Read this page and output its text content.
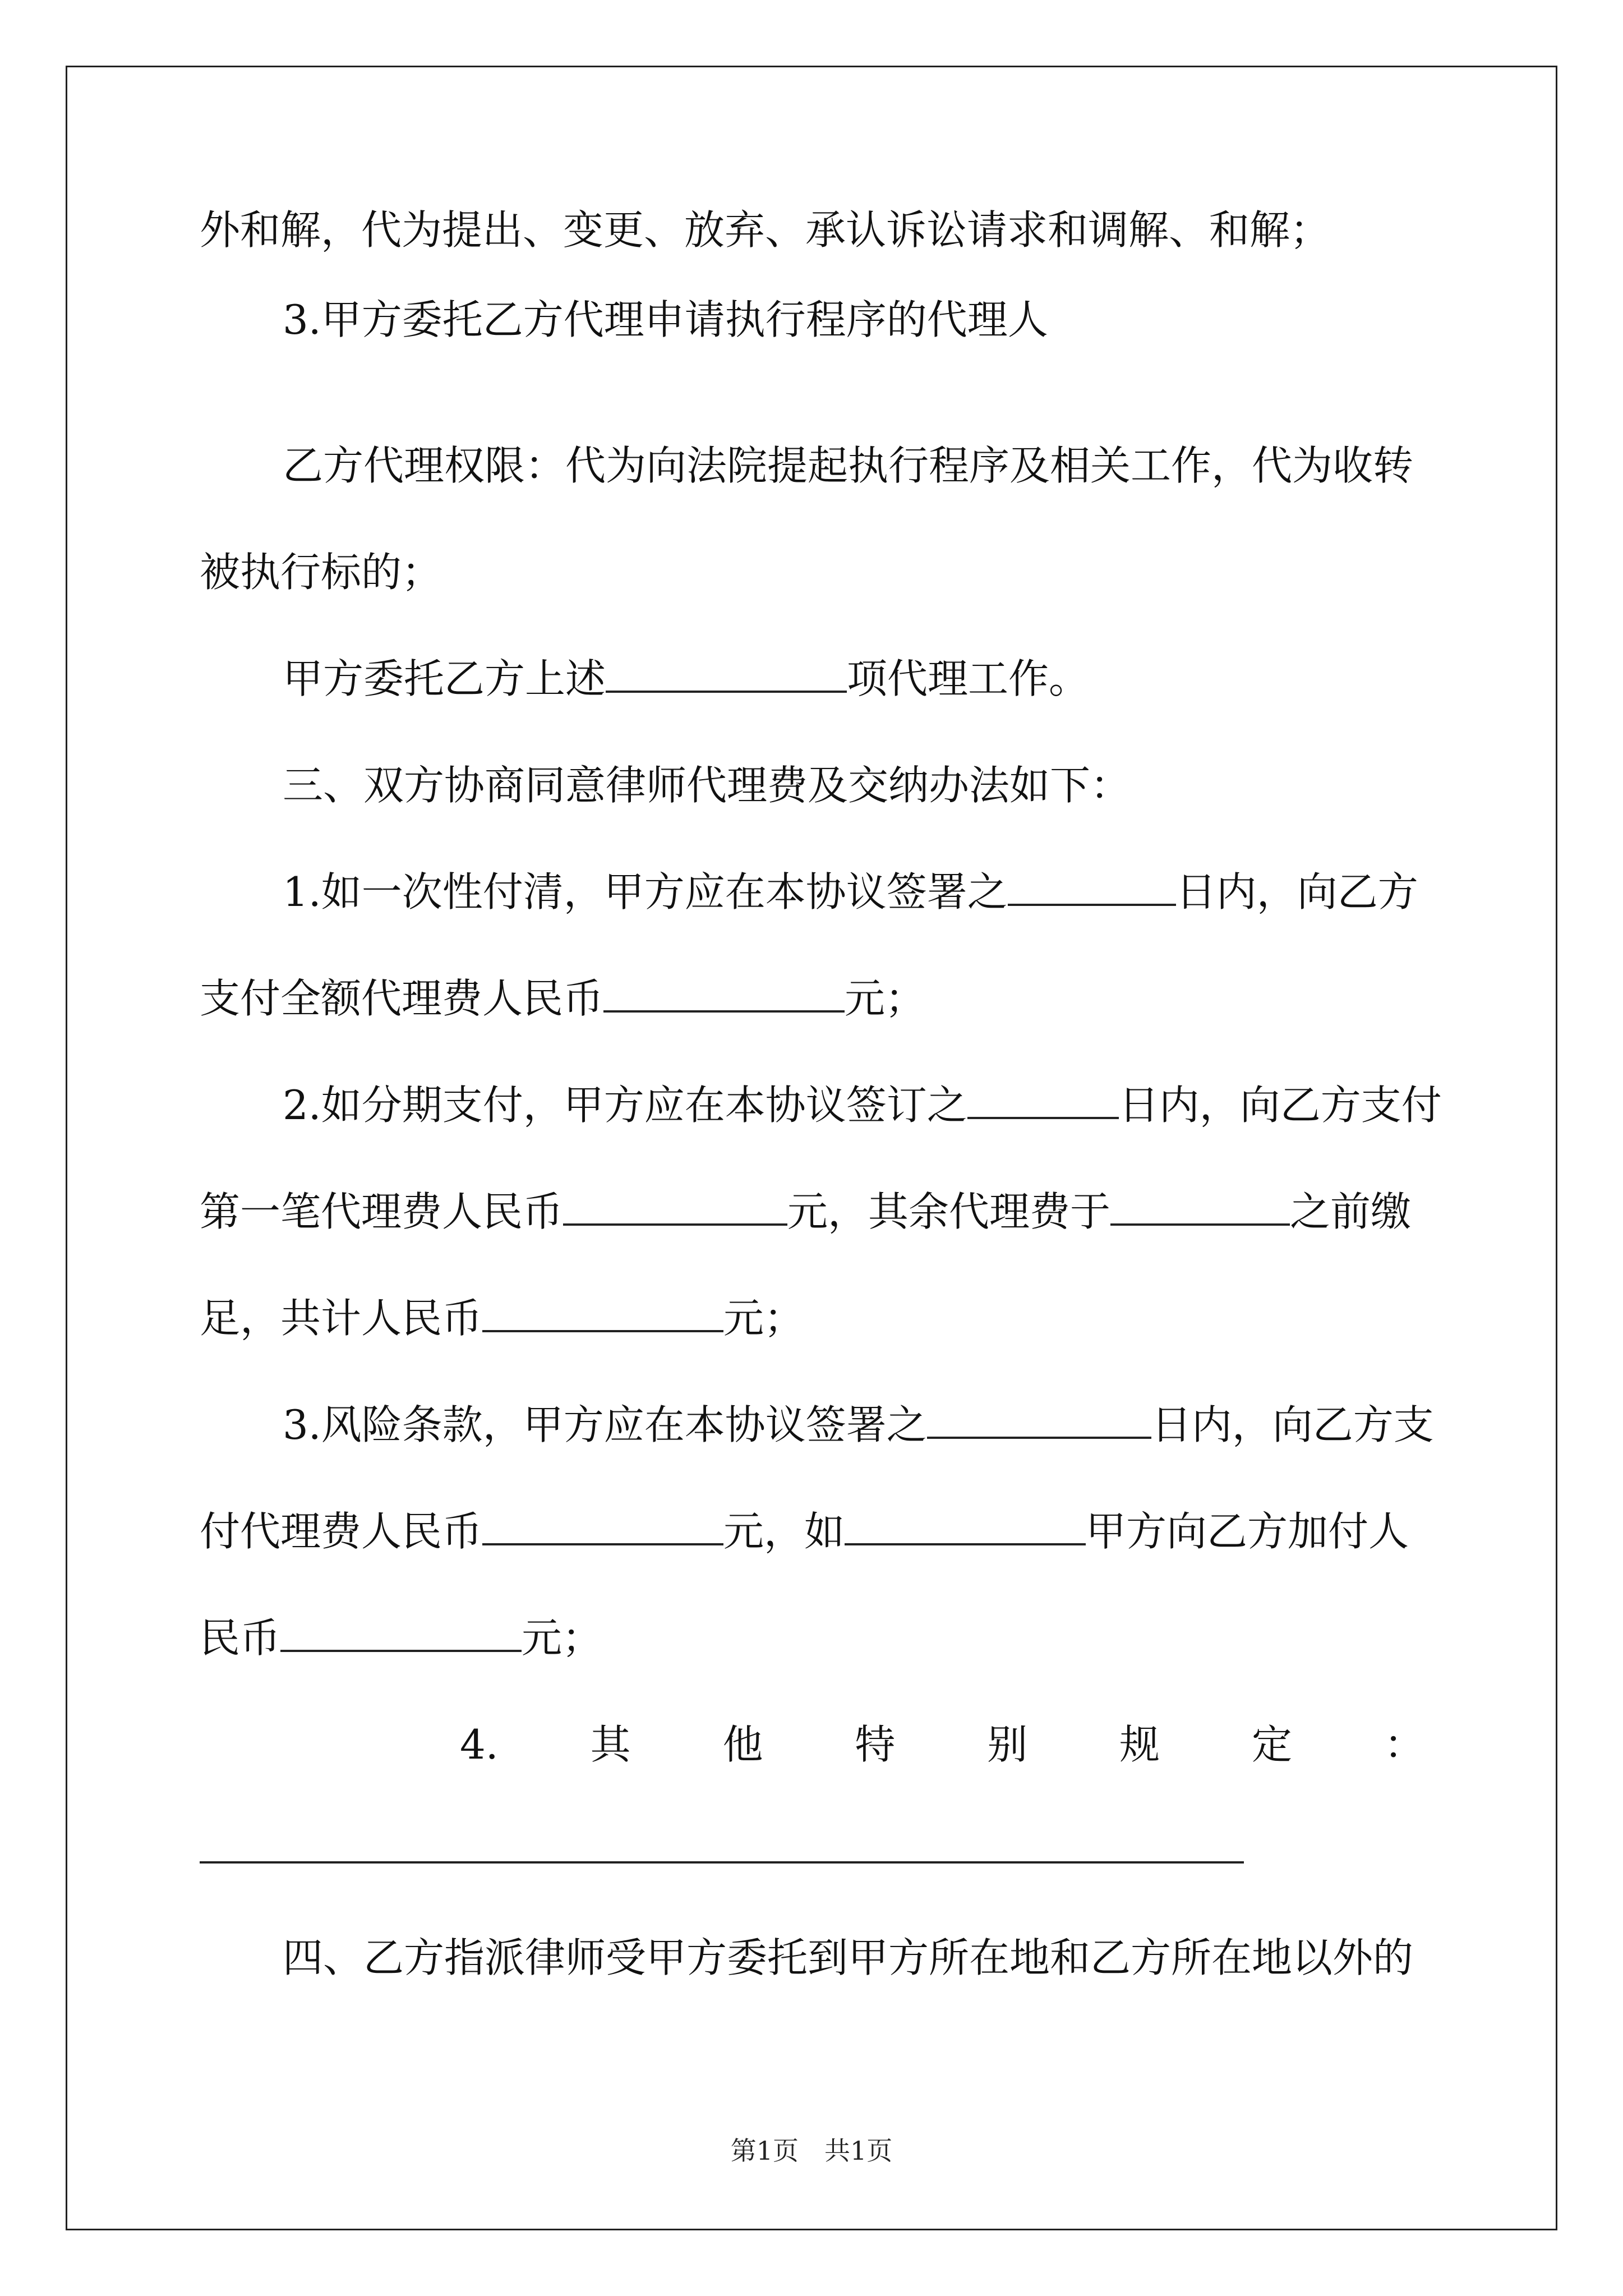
外和解，代为提出、变更、放弃、承认诉讼请求和调解、和解；
3.甲方委托乙方代理申请执行程序的代理人
乙方代理权限：代为向法院提起执行程序及相关工作，代为收转
被执行标的；
甲方委托乙方上述	项代理工作。
三、双方协商同意律师代理费及交纳办法如下：
1.如一次性付清，甲方应在本协议签署之	日内，向乙方
支付全额代理费人民币	元；
2.如分期支付，甲方应在本协议签订之	日内，向乙方支付
第一笔代理费人民币	元，其余代理费于	之前缴
足，共计人民币	元；
3.风险条款，甲方应在本协议签署之	日内，向乙方支
付代理费人民币	元，如	甲方向乙方加付人
民币	元；
4. 其 他 特 别 规 定 ：
四、乙方指派律师受甲方委托到甲方所在地和乙方所在地以外的
第1页　共1页
